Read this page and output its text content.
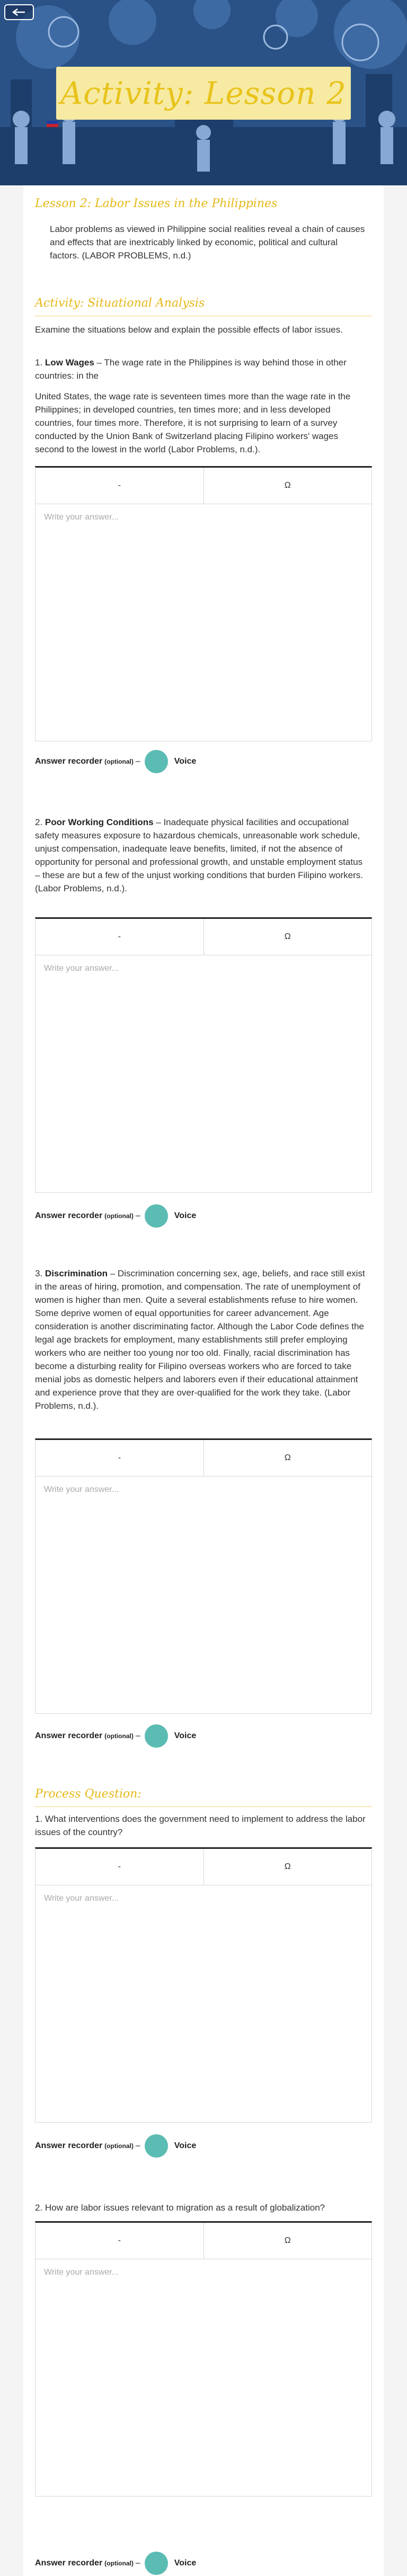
Activity: Lesson 2
Lesson 2: Labor Issues in the Philippines
Labor problems as viewed in Philippine social realities reveal a chain of causes and effects that are inextricably linked by economic, political and cultural factors. (LABOR PROBLEMS, n.d.)
Activity: Situational Analysis
Examine the situations below and explain the possible effects of labor issues.
1. Low Wages – The wage rate in the Philippines is way behind those in other countries: in the
United States, the wage rate is seventeen times more than the wage rate in the Philippines; in developed countries, ten times more; and in less developed countries, four times more. Therefore, it is not surprising to learn of a survey conducted by the Union Bank of Switzerland placing Filipino workers' wages second to the lowest in the world (Labor Problems, n.d.).
-	Ω
Write your answer...
Answer recorder (optional) –	Voice
2. Poor Working Conditions – Inadequate physical facilities and occupational safety measures exposure to hazardous chemicals, unreasonable work schedule, unjust compensation, inadequate leave benefits, limited, if not the absence of opportunity for personal and professional growth, and unstable employment status – these are but a few of the unjust working conditions that burden Filipino workers. (Labor Problems, n.d.).
-	Ω
Write your answer...
Answer recorder (optional) –	Voice
3. Discrimination – Discrimination concerning sex, age, beliefs, and race still exist in the areas of hiring, promotion, and compensation. The rate of unemployment of women is higher than men. Quite a several establishments refuse to hire women. Some deprive women of equal opportunities for career advancement. Age consideration is another discriminating factor. Although the Labor Code defines the legal age brackets for employment, many establishments still prefer employing workers who are neither too young nor too old. Finally, racial discrimination has become a disturbing reality for Filipino overseas workers who are forced to take menial jobs as domestic helpers and laborers even if their educational attainment and experience prove that they are over-qualified for the work they take. (Labor Problems, n.d.).
-	Ω
Write your answer...
Answer recorder (optional) –	Voice
Process Question:
1. What interventions does the government need to implement to address the labor issues of the country?
-	Ω
Write your answer...
Answer recorder (optional) –	Voice
2. How are labor issues relevant to migration as a result of globalization?
-	Ω
Write your answer...
Answer recorder (optional) –	Voice
